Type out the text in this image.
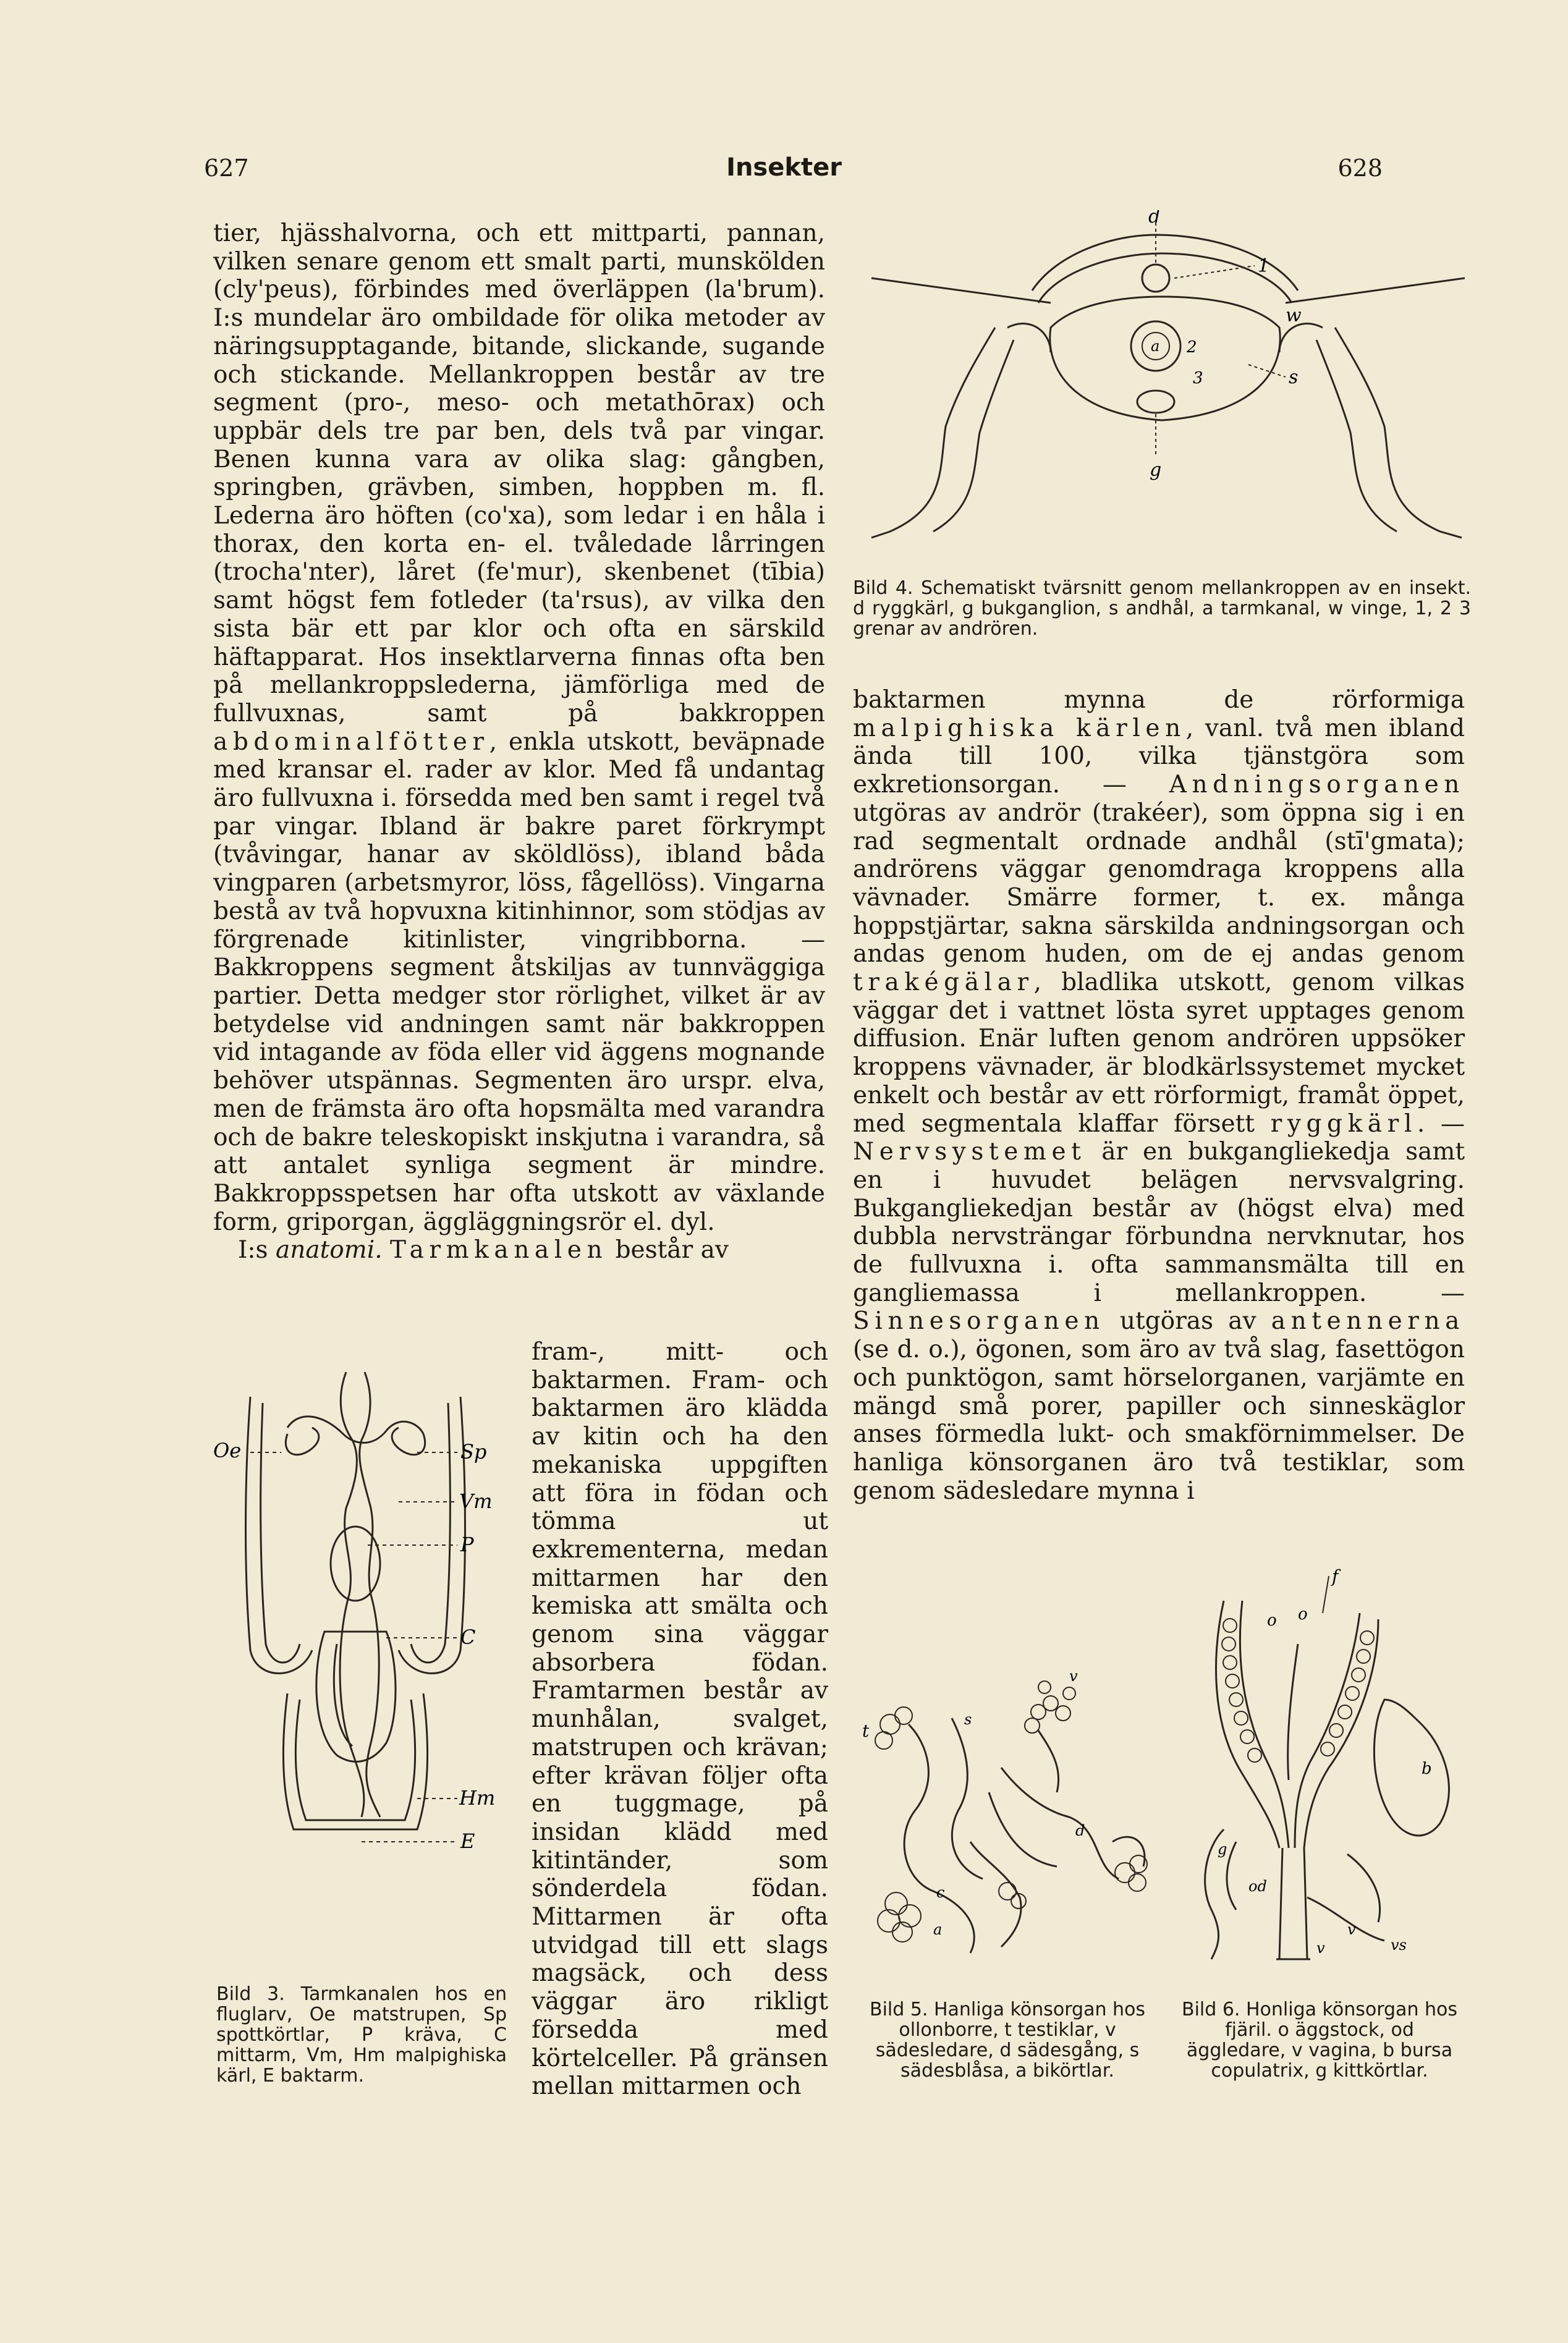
627	Insekter	628

tier, hjässhalvorna, och ett mittparti, pannan, vilken senare genom ett smalt parti, munskölden (cly'peus), förbindes med överläppen (la'brum). I:s mundelar äro ombildade för olika metoder av näringsupptagande, bitande, slickande, sugande och stickande. Mellankroppen består av tre segment (pro-, meso- och metathōrax) och uppbär dels tre par ben, dels två par vingar. Benen kunna vara av olika slag: gångben, springben, grävben, simben, hoppben m. fl. Lederna äro höften (co'xa), som ledar i en håla i thorax, den korta en- el. tvåledade lårringen (trocha'nter), låret (fe'mur), skenbenet (tībia) samt högst fem fotleder (ta'rsus), av vilka den sista bär ett par klor och ofta en särskild häftapparat. Hos insektlarverna finnas ofta ben på mellankroppslederna, jämförliga med de fullvuxnas, samt på bakkroppen abdominalfötter, enkla utskott, beväpnade med kransar el. rader av klor. Med få undantag äro fullvuxna i. försedda med ben samt i regel två par vingar. Ibland är bakre paret förkrympt (tvåvingar, hanar av sköldlöss), ibland båda vingparen (arbetsmyror, löss, fågellöss). Vingarna bestå av två hopvuxna kitinhinnor, som stödjas av förgrenade kitinlister, vingribborna. — Bakkroppens segment åtskiljas av tunnväggiga partier. Detta medger stor rörlighet, vilket är av betydelse vid andningen samt när bakkroppen vid intagande av föda eller vid äggens mognande behöver utspännas. Segmenten äro urspr. elva, men de främsta äro ofta hopsmälta med varandra och de bakre teleskopiskt inskjutna i varandra, så att antalet synliga segment är mindre. Bakkroppsspetsen har ofta utskott av växlande form, griporgan, äggläggningsrör el. dyl.

I:s anatomi. Tarmkanalen består av

fram-, mitt- och baktarmen. Fram- och baktarmen äro klädda av kitin och ha den mekaniska uppgiften att föra in födan och tömma ut exkrementerna, medan mittarmen har den kemiska att smälta och genom sina väggar absorbera födan. Framtarmen består av munhålan, svalget, matstrupen och krävan; efter krävan följer ofta en tuggmage, på insidan klädd med kitintänder, som sönderdela födan. Mittarmen är ofta utvidgad till ett slags magsäck, och dess väggar äro rikligt försedda med körtelceller. På gränsen mellan mittarmen och
Oe	Sp
Vm
P
C
Hm
E
Bild 3. Tarmkanalen hos en fluglarv, Oe matstrupen, Sp spottkörtlar, P kräva, C mittarm, Vm, Hm malpighiska kärl, E baktarm.
d
1
w
a 2
3	s
g
Bild 4. Schematiskt tvärsnitt genom mellankroppen av en insekt. d ryggkärl, g bukganglion, s andhål, a tarmkanal, w vinge, 1, 2 3 grenar av andrören.

baktarmen mynna de rörformiga malpighiska kärlen, vanl. två men ibland ända till 100, vilka tjänstgöra som exkretionsorgan. — Andningsorganen utgöras av andrör (trakéer), som öppna sig i en rad segmentalt ordnade andhål (stī'gmata); andrörens väggar genomdraga kroppens alla vävnader. Smärre former, t. ex. många hoppstjärtar, sakna särskilda andningsorgan och andas genom huden, om de ej andas genom trakégälar, bladlika utskott, genom vilkas väggar det i vattnet lösta syret upptages genom diffusion. Enär luften genom andrören uppsöker kroppens vävnader, är blodkärlssystemet mycket enkelt och består av ett rörformigt, framåt öppet, med segmentala klaffar försett ryggkärl. — Nervsystemet är en bukgangliekedja samt en i huvudet belägen nervsvalgring. Bukgangliekedjan består av (högst elva) med dubbla nervsträngar förbundna nervknutar, hos de fullvuxna i. ofta sammansmälta till en gangliemassa i mellankroppen. — Sinnesorganen utgöras av antennerna (se d. o.), ögonen, som äro av två slag, fasettögon och punktögon, samt hörselorganen, varjämte en mängd små porer, papiller och sinneskäglor anses förmedla lukt- och smakförnimmelser. De hanliga könsorganen äro två testiklar, som genom sädesledare mynna i

t
s
v
d
c
a
Bild 5. Hanliga könsorgan hos ollonborre, t testiklar, v sädesledare, d sädesgång, s sädesblåsa, a bikörtlar.
f
o o
b
g
od
v
v	vs
Bild 6. Honliga könsorgan hos fjäril. o äggstock, od äggledare, v vagina, b bursa copulatrix, g kittkörtlar.
